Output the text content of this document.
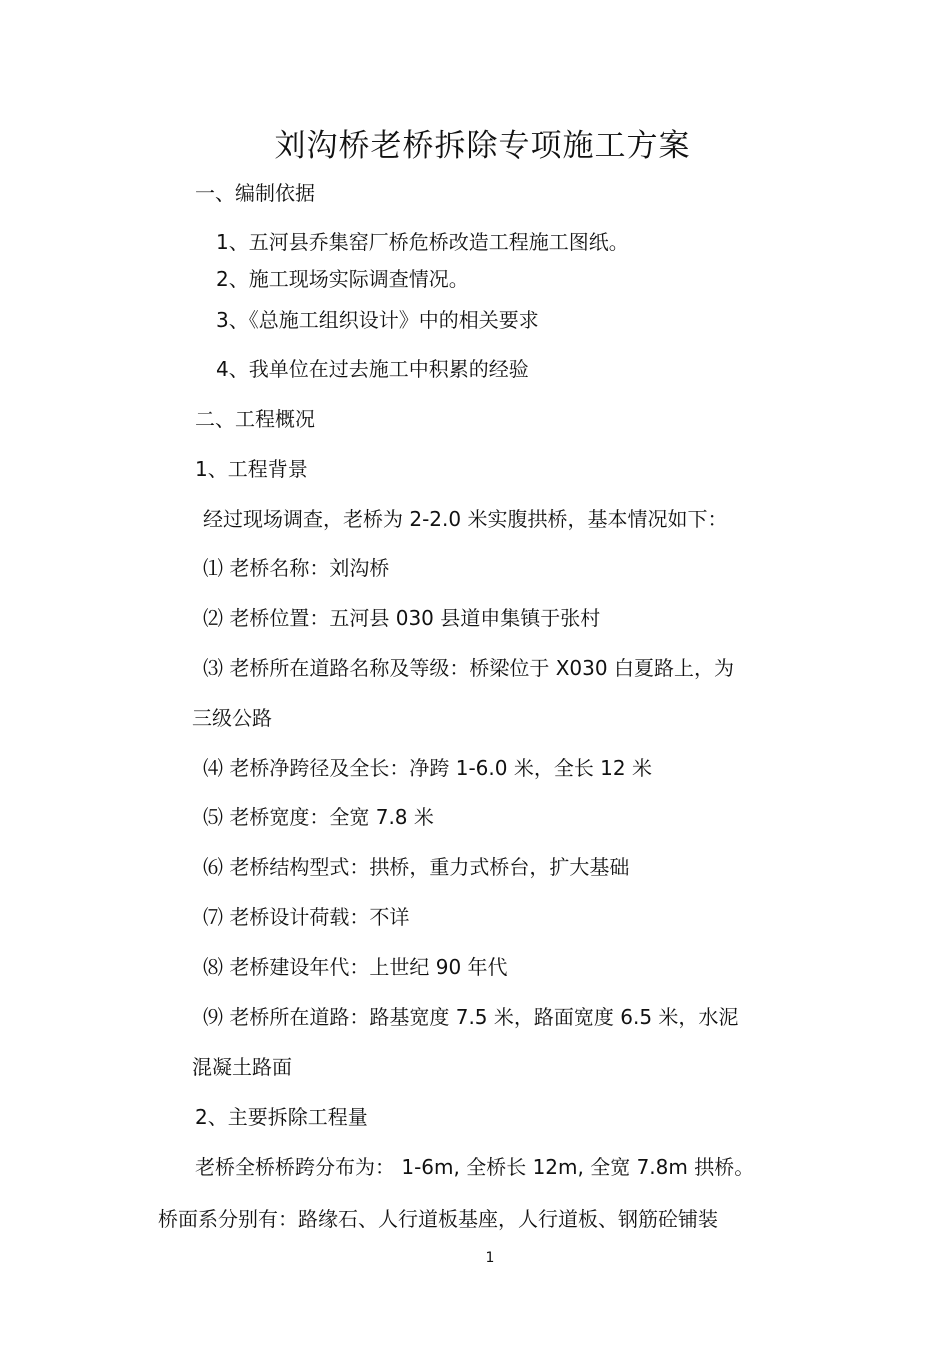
刘沟桥老桥拆除专项施工方案
一、编制依据
1、五河县乔集窑厂桥危桥改造工程施工图纸。
2、施工现场实际调查情况。
3、《总施工组织设计》中的相关要求
4、我单位在过去施工中积累的经验
二、工程概况
1、工程背景
经过现场调查，老桥为 2-2.0 米实腹拱桥，基本情况如下：
⑴ 老桥名称：刘沟桥
⑵ 老桥位置：五河县 030 县道申集镇于张村
⑶ 老桥所在道路名称及等级：桥梁位于 X030 白夏路上，为
三级公路
⑷ 老桥净跨径及全长：净跨 1-6.0 米，全长 12 米
⑸ 老桥宽度：全宽 7.8 米
⑹ 老桥结构型式：拱桥，重力式桥台，扩大基础
⑺ 老桥设计荷载：不详
⑻ 老桥建设年代：上世纪 90 年代
⑼ 老桥所在道路：路基宽度 7.5 米，路面宽度 6.5 米，水泥
混凝土路面
2、主要拆除工程量
老桥全桥桥跨分布为： 1-6m, 全桥长 12m, 全宽 7.8m 拱桥。
桥面系分别有：路缘石、人行道板基座，人行道板、钢筋砼铺装
1
